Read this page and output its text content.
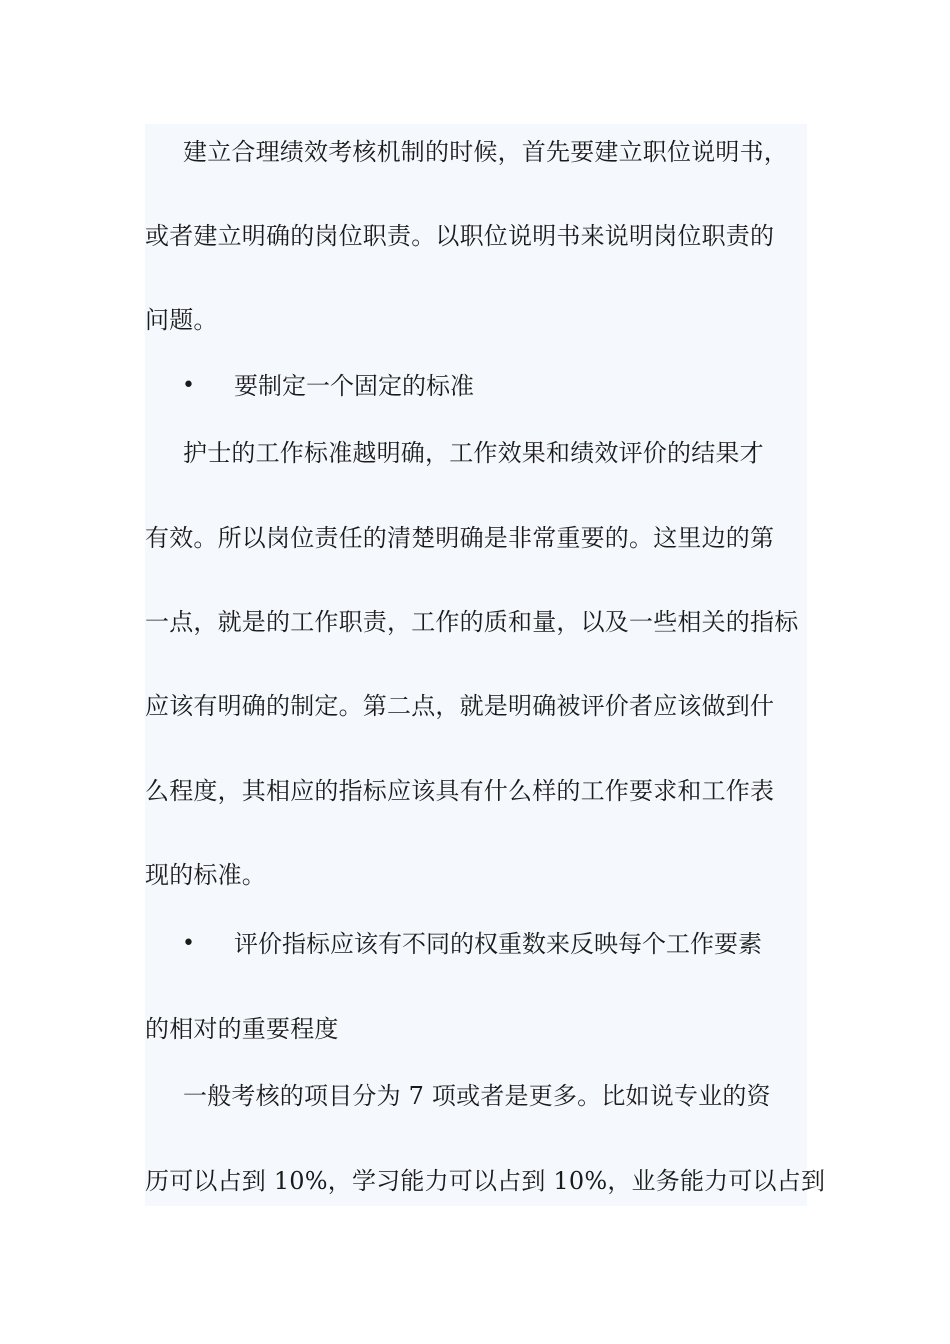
建立合理绩效考核机制的时候，首先要建立职位说明书，
或者建立明确的岗位职责。以职位说明书来说明岗位职责的
问题。
• 要制定一个固定的标准
护士的工作标准越明确，工作效果和绩效评价的结果才
有效。所以岗位责任的清楚明确是非常重要的。这里边的第
一点，就是的工作职责，工作的质和量，以及一些相关的指标
应该有明确的制定。第二点，就是明确被评价者应该做到什
么程度，其相应的指标应该具有什么样的工作要求和工作表
现的标准。
• 评价指标应该有不同的权重数来反映每个工作要素
的相对的重要程度
一般考核的项目分为 7 项或者是更多。比如说专业的资
历可以占到 10%，学习能力可以占到 10%，业务能力可以占到
